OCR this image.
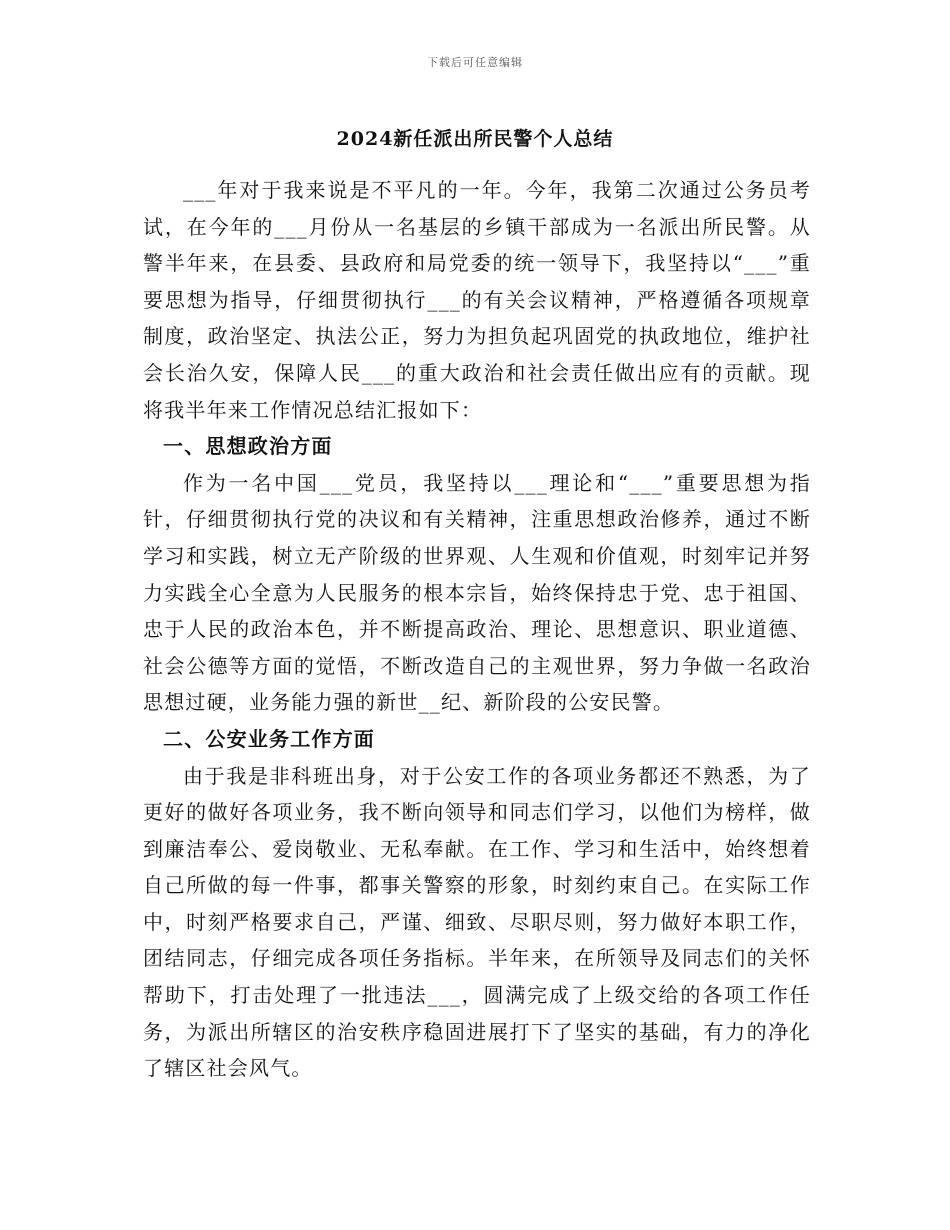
下载后可任意编辑
2024新任派出所民警个人总结

___年对于我来说是不平凡的一年。今年，我第二次通过公务员考试，在今年的___月份从一名基层的乡镇干部成为一名派出所民警。从警半年来，在县委、县政府和局党委的统一领导下，我坚持以“___”重要思想为指导，仔细贯彻执行___的有关会议精神，严格遵循各项规章制度，政治坚定、执法公正，努力为担负起巩固党的执政地位，维护社会长治久安，保障人民___的重大政治和社会责任做出应有的贡献。现将我半年来工作情况总结汇报如下：

一、思想政治方面

作为一名中国___党员，我坚持以___理论和“___”重要思想为指针，仔细贯彻执行党的决议和有关精神，注重思想政治修养，通过不断学习和实践，树立无产阶级的世界观、人生观和价值观，时刻牢记并努力实践全心全意为人民服务的根本宗旨，始终保持忠于党、忠于祖国、忠于人民的政治本色，并不断提高政治、理论、思想意识、职业道德、社会公德等方面的觉悟，不断改造自己的主观世界，努力争做一名政治思想过硬，业务能力强的新世__纪、新阶段的公安民警。

二、公安业务工作方面

由于我是非科班出身，对于公安工作的各项业务都还不熟悉，为了更好的做好各项业务，我不断向领导和同志们学习，以他们为榜样，做到廉洁奉公、爱岗敬业、无私奉献。在工作、学习和生活中，始终想着自己所做的每一件事，都事关警察的形象，时刻约束自己。在实际工作中，时刻严格要求自己，严谨、细致、尽职尽则，努力做好本职工作，团结同志，仔细完成各项任务指标。半年来，在所领导及同志们的关怀帮助下，打击处理了一批违法___，圆满完成了上级交给的各项工作任务，为派出所辖区的治安秩序稳固进展打下了坚实的基础，有力的净化了辖区社会风气。
